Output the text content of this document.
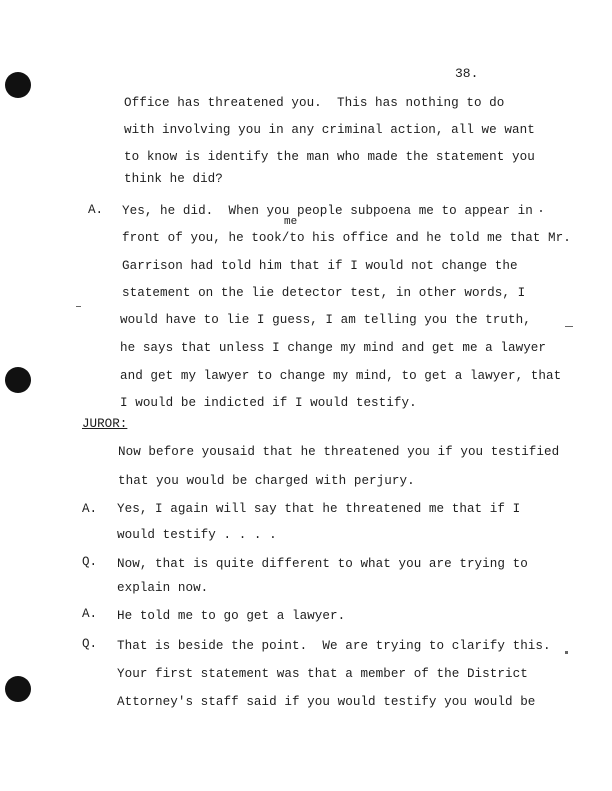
38.
Office has threatened you.  This has nothing to do
with involving you in any criminal action, all we want
to know is identify the man who made the statement you
think he did?
A. Yes, he did.  When you people subpoena me to appear in
me
front of you, he took/to his office and he told me that Mr.
Garrison had told him that if I would not change the
statement on the lie detector test, in other words, I
would have to lie I guess, I am telling you the truth,
he says that unless I change my mind and get me a lawyer
and get my lawyer to change my mind, to get a lawyer, that
I would be indicted if I would testify.
JUROR:
Now before yousaid that he threatened you if you testified
that you would be charged with perjury.
A. Yes, I again will say that he threatened me that if I
would testify . . . .
Q. Now, that is quite different to what you are trying to
explain now.
A. He told me to go get a lawyer.
Q. That is beside the point.  We are trying to clarify this.
Your first statement was that a member of the District
Attorney's staff said if you would testify you would be
